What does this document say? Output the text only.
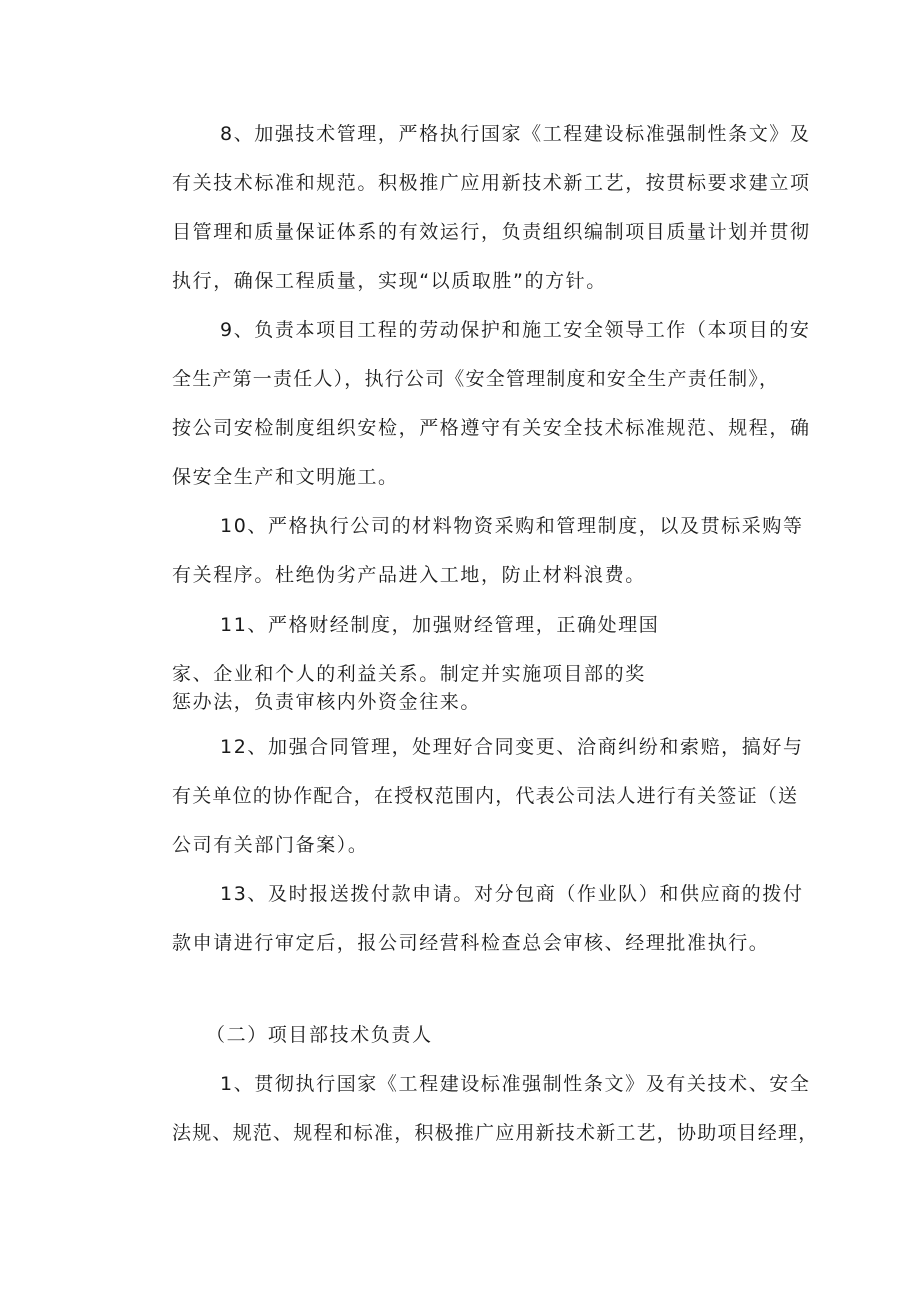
8、加强技术管理，严格执行国家《工程建设标准强制性条文》及
有关技术标准和规范。积极推广应用新技术新工艺，按贯标要求建立项
目管理和质量保证体系的有效运行，负责组织编制项目质量计划并贯彻
执行，确保工程质量，实现“以质取胜”的方针。
9、负责本项目工程的劳动保护和施工安全领导工作（本项目的安
全生产第一责任人），执行公司《安全管理制度和安全生产责任制》，
按公司安检制度组织安检，严格遵守有关安全技术标准规范、规程，确
保安全生产和文明施工。
10、严格执行公司的材料物资采购和管理制度，以及贯标采购等
有关程序。杜绝伪劣产品进入工地，防止材料浪费。
11、严格财经制度，加强财经管理，正确处理国
家、企业和个人的利益关系。制定并实施项目部的奖
惩办法，负责审核内外资金往来。
12、加强合同管理，处理好合同变更、洽商纠纷和索赔，搞好与
有关单位的协作配合，在授权范围内，代表公司法人进行有关签证（送
公司有关部门备案）。
13、及时报送拨付款申请。对分包商（作业队）和供应商的拨付
款申请进行审定后，报公司经营科检查总会审核、经理批准执行。
（二）项目部技术负责人
1、贯彻执行国家《工程建设标准强制性条文》及有关技术、安全
法规、规范、规程和标准，积极推广应用新技术新工艺，协助项目经理，
